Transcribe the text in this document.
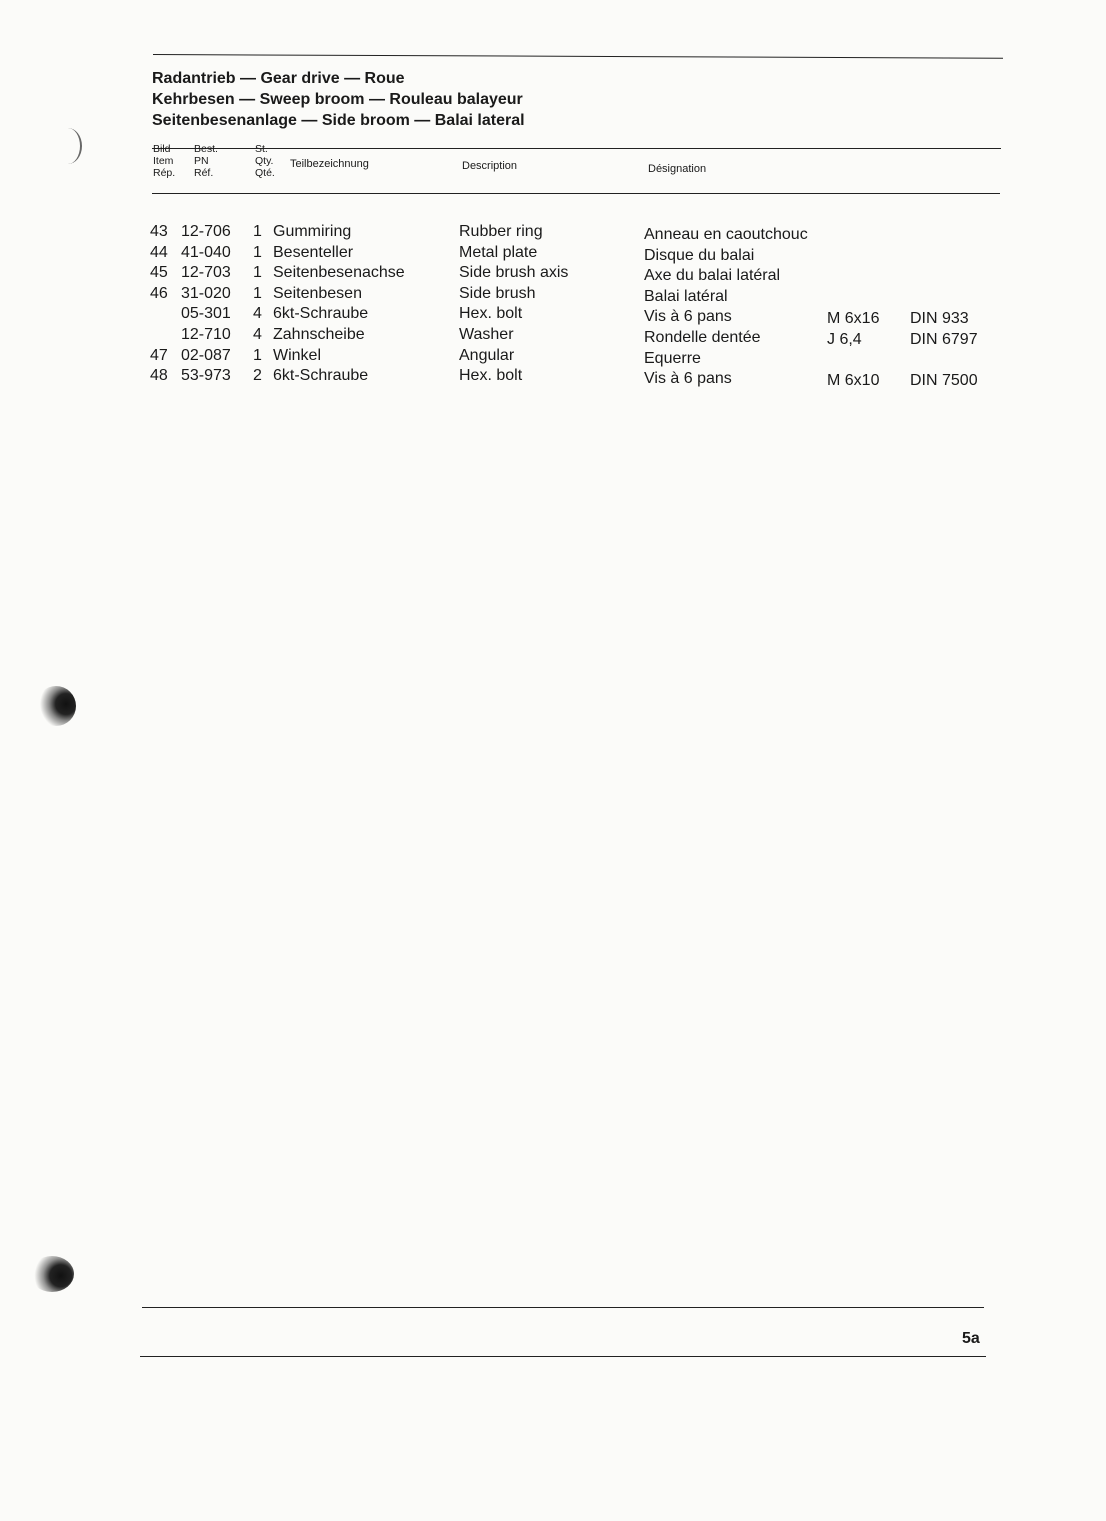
Radantrieb — Gear drive — Roue
Kehrbesen — Sweep broom — Rouleau balayeur
Seitenbesenanlage — Side broom — Balai lateral
Bild
Item
Rép.
Best.
PN
Réf.
St.
Qty.
Qté.
Teilbezeichnung	Description	Désignation
43 12-706 1 Gummiring	Rubber ring	Anneau en caoutchouc
44 41-040 1 Besenteller	Metal plate	Disque du balai
45 12-703 1 Seitenbesenachse	Side brush axis	Axe du balai latéral
46 31-020 1 Seitenbesen	Side brush	Balai latéral
05-301 4 6kt-Schraube	Hex. bolt	Vis à 6 pans	M 6x16 DIN 933
12-710 4 Zahnscheibe	Washer	Rondelle dentée	J 6,4	DIN 6797
47 02-087 1 Winkel	Angular	Equerre
48 53-973 2 6kt-Schraube	Hex. bolt	Vis à 6 pans	M 6x10 DIN 7500
5a
